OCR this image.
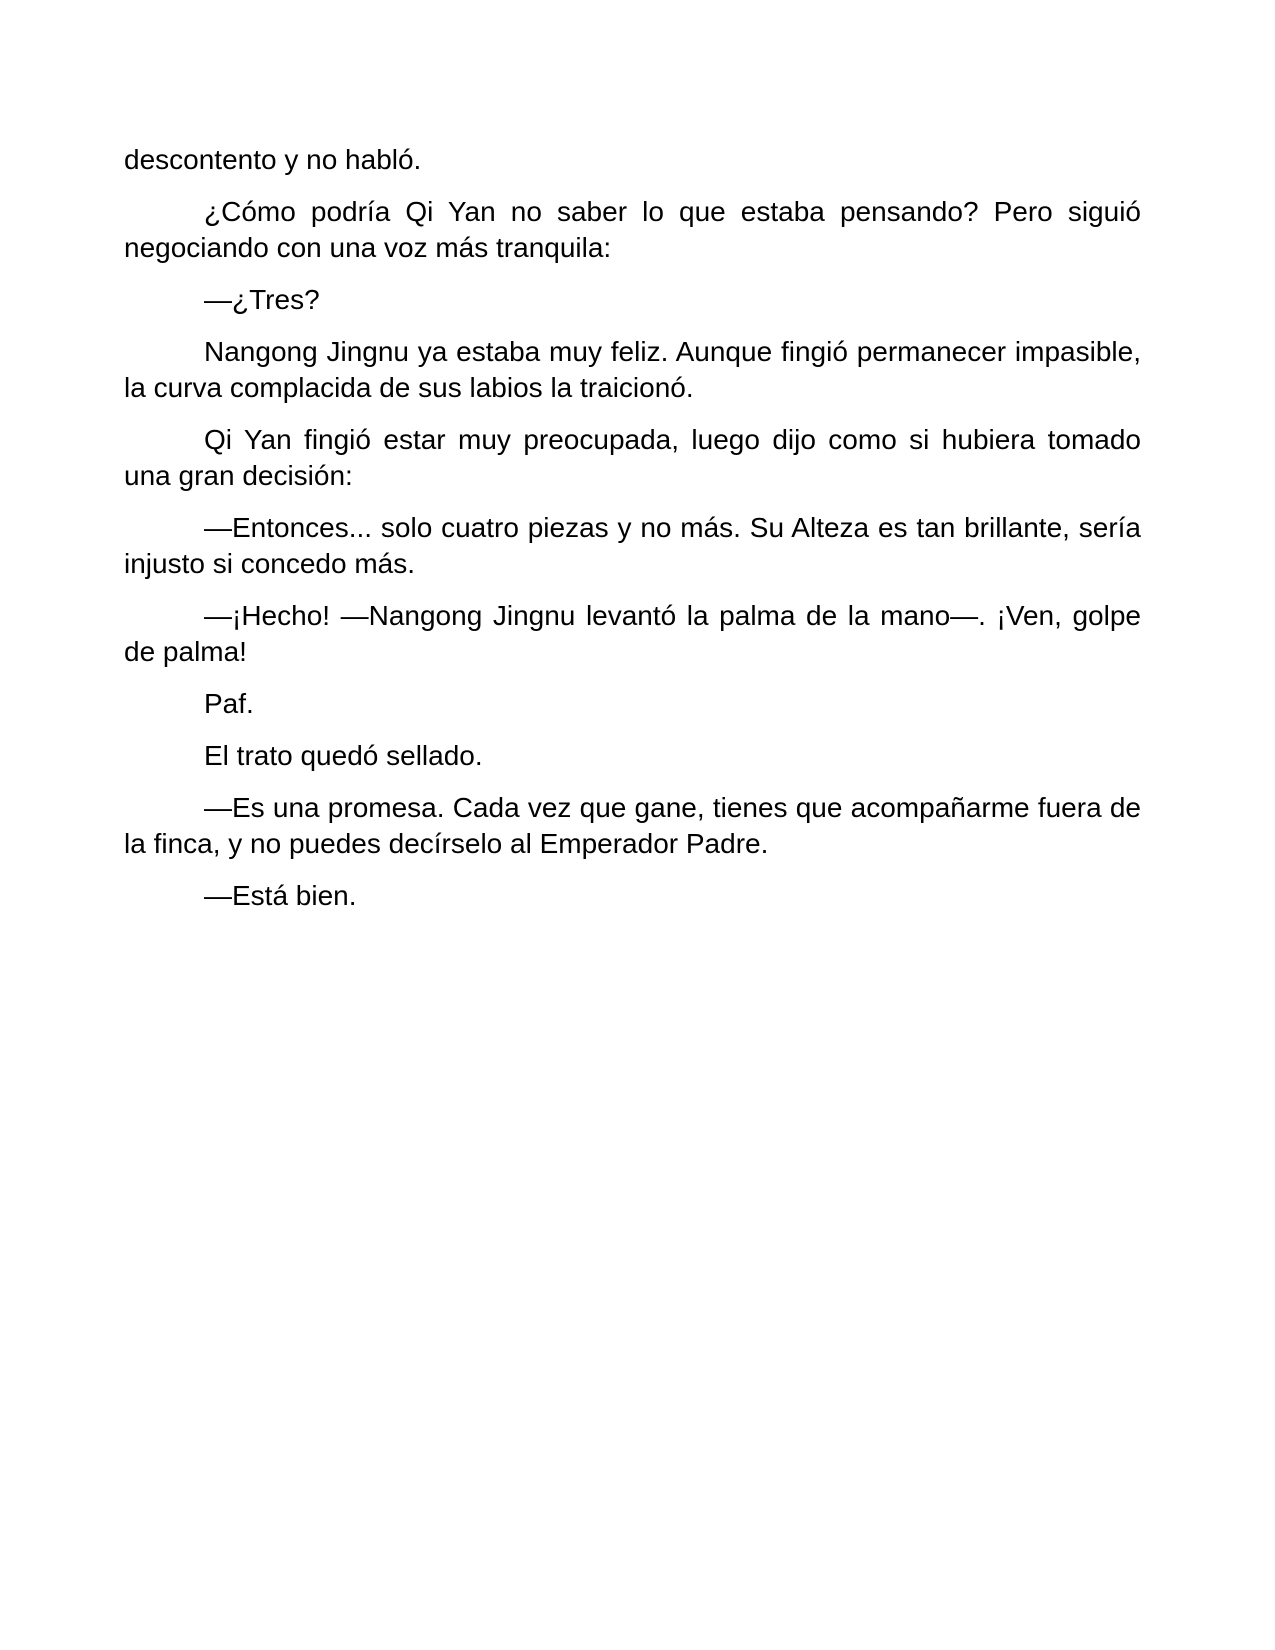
descontento y no habló.

¿Cómo podría Qi Yan no saber lo que estaba pensando? Pero siguió negociando con una voz más tranquila:

—¿Tres?

Nangong Jingnu ya estaba muy feliz. Aunque fingió permanecer impasible, la curva complacida de sus labios la traicionó.

Qi Yan fingió estar muy preocupada, luego dijo como si hubiera tomado una gran decisión:

—Entonces... solo cuatro piezas y no más. Su Alteza es tan brillante, sería injusto si concedo más.

—¡Hecho! —Nangong Jingnu levantó la palma de la mano—. ¡Ven, golpe de palma!

Paf.

El trato quedó sellado.

—Es una promesa. Cada vez que gane, tienes que acompañarme fuera de la finca, y no puedes decírselo al Emperador Padre.

—Está bien.
